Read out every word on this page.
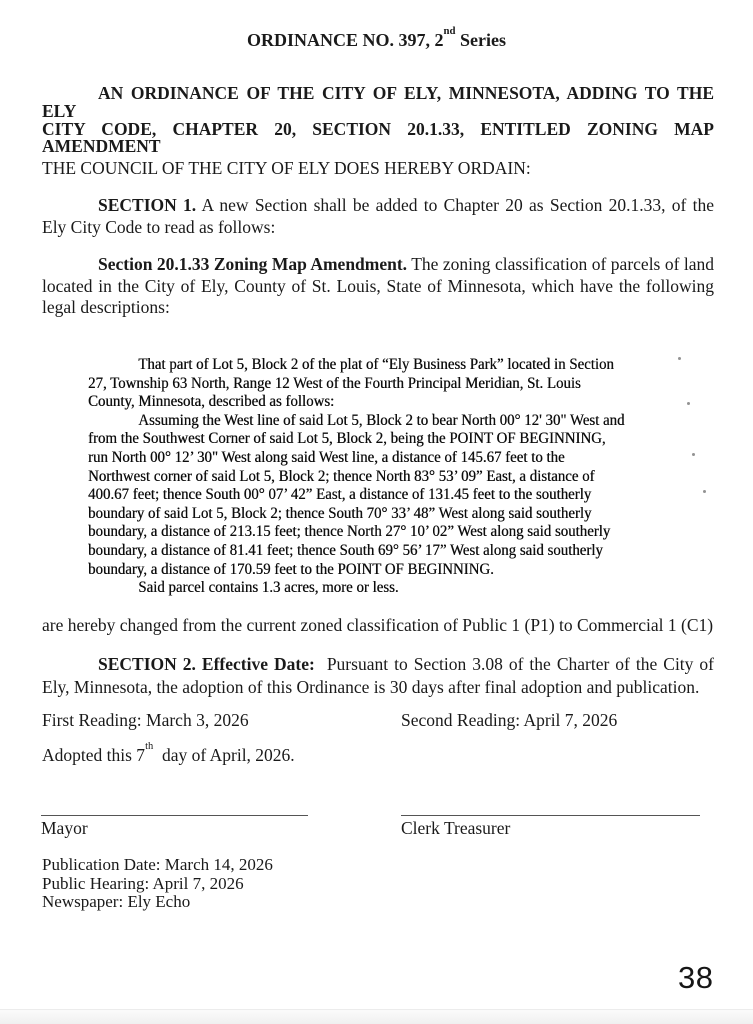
ORDINANCE NO. 397, 2nd Series
AN ORDINANCE OF THE CITY OF ELY, MINNESOTA, ADDING TO THE ELY
CITY CODE, CHAPTER 20, SECTION 20.1.33, ENTITLED ZONING MAP
AMENDMENT
THE COUNCIL OF THE CITY OF ELY DOES HEREBY ORDAIN:

SECTION 1. A new Section shall be added to Chapter 20 as Section 20.1.33, of the Ely City Code to read as follows:

Section 20.1.33 Zoning Map Amendment. The zoning classification of parcels of land located in the City of Ely, County of St. Louis, State of Minnesota, which have the following legal descriptions:

That part of Lot 5, Block 2 of the plat of “Ely Business Park” located in Section
27, Township 63 North, Range 12 West of the Fourth Principal Meridian, St. Louis
County, Minnesota, described as follows:
Assuming the West line of said Lot 5, Block 2 to bear North 00° 12' 30" West and
from the Southwest Corner of said Lot 5, Block 2, being the POINT OF BEGINNING,
run North 00° 12’ 30" West along said West line, a distance of 145.67 feet to the
Northwest corner of said Lot 5, Block 2; thence North 83° 53’ 09” East, a distance of
400.67 feet; thence South 00° 07’ 42” East, a distance of 131.45 feet to the southerly
boundary of said Lot 5, Block 2; thence South 70° 33’ 48” West along said southerly
boundary, a distance of 213.15 feet; thence North 27° 10’ 02” West along said southerly
boundary, a distance of 81.41 feet; thence South 69° 56’ 17” West along said southerly
boundary, a distance of 170.59 feet to the POINT OF BEGINNING.
Said parcel contains 1.3 acres, more or less.
are hereby changed from the current zoned classification of Public 1 (P1) to Commercial 1 (C1)

SECTION 2. Effective Date:  Pursuant to Section 3.08 of the Charter of the City of Ely, Minnesota, the adoption of this Ordinance is 30 days after final adoption and publication.

First Reading: March 3, 2026	Second Reading: April 7, 2026
Adopted this 7th  day of April, 2026.
Mayor	Clerk Treasurer
Publication Date: March 14, 2026
Public Hearing: April 7, 2026
Newspaper: Ely Echo
38
